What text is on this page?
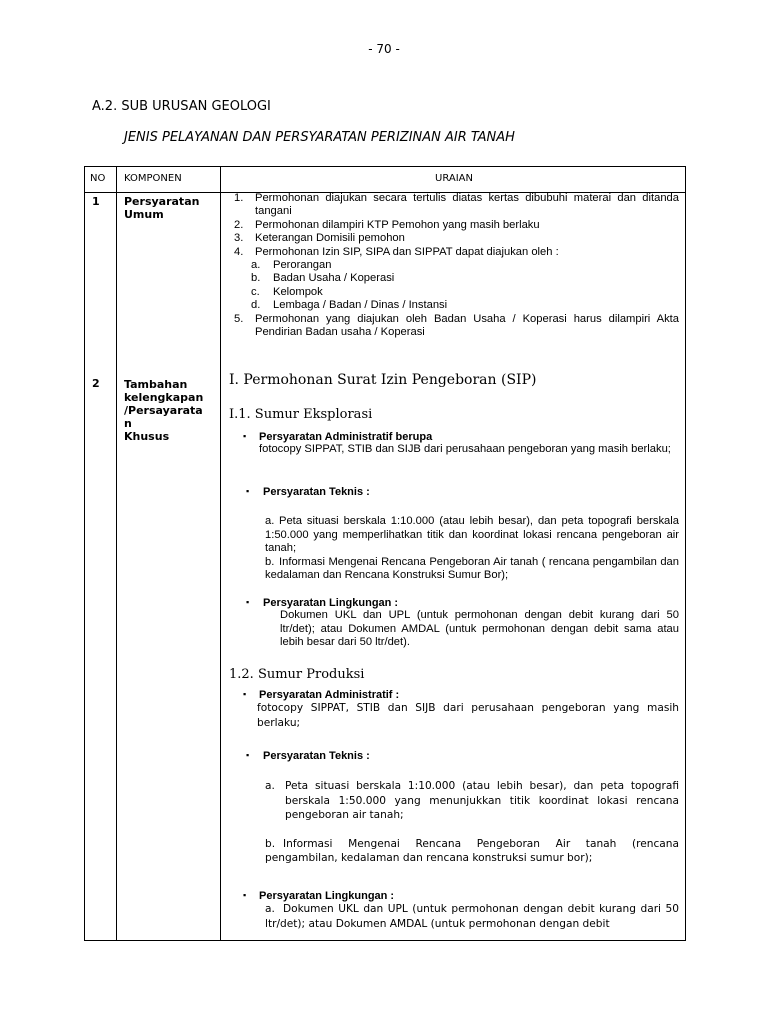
- 70 -
A.2. SUB URUSAN GEOLOGI
JENIS PELAYANAN DAN PERSYARATAN PERIZINAN AIR TANAH
NO KOMPONEN	URAIAN
1 Persyaratan Umum
1. Permohonan diajukan secara tertulis diatas kertas dibubuhi materai dan ditanda tangani
2. Permohonan dilampiri KTP Pemohon yang masih berlaku
3. Keterangan Domisili pemohon
4. Permohonan Izin SIP, SIPA dan SIPPAT dapat diajukan oleh :
a. Perorangan
b. Badan Usaha / Koperasi
c. Kelompok
d. Lembaga / Badan / Dinas / Instansi
5. Permohonan yang diajukan oleh Badan Usaha / Koperasi harus dilampiri Akta Pendirian Badan usaha / Koperasi
2 Tambahan
kelengkapan
/Persayarata
n
Khusus
I. Permohonan Surat Izin Pengeboran (SIP)
I.1. Sumur Eksplorasi
▪ Persyaratan Administratif berupa
fotocopy SIPPAT, STIB dan SIJB dari perusahaan pengeboran yang masih berlaku;
▪ Persyaratan Teknis :
a. Peta situasi berskala 1:10.000 (atau lebih besar), dan peta topografi berskala 1:50.000 yang memperlihatkan titik dan koordinat lokasi rencana pengeboran air tanah;
b. Informasi Mengenai Rencana Pengeboran Air tanah ( rencana pengambilan dan kedalaman dan Rencana Konstruksi Sumur Bor);
▪ Persyaratan Lingkungan :
Dokumen UKL dan UPL (untuk permohonan dengan debit kurang dari 50 ltr/det); atau Dokumen AMDAL (untuk permohonan dengan debit sama atau lebih besar dari 50 ltr/det).
1.2. Sumur Produksi
▪ Persyaratan Administratif :
fotocopy SIPPAT, STIB dan SIJB dari perusahaan pengeboran yang masih berlaku;
▪ Persyaratan Teknis :
a. Peta situasi berskala 1:10.000 (atau lebih besar), dan peta topografi berskala 1:50.000 yang menunjukkan titik koordinat lokasi rencana pengeboran air tanah;
b. Informasi Mengenai Rencana Pengeboran Air tanah (rencana pengambilan, kedalaman dan rencana konstruksi sumur bor);
▪ Persyaratan Lingkungan :
a. Dokumen UKL dan UPL (untuk permohonan dengan debit kurang dari 50 ltr/det); atau Dokumen AMDAL (untuk permohonan dengan debit
